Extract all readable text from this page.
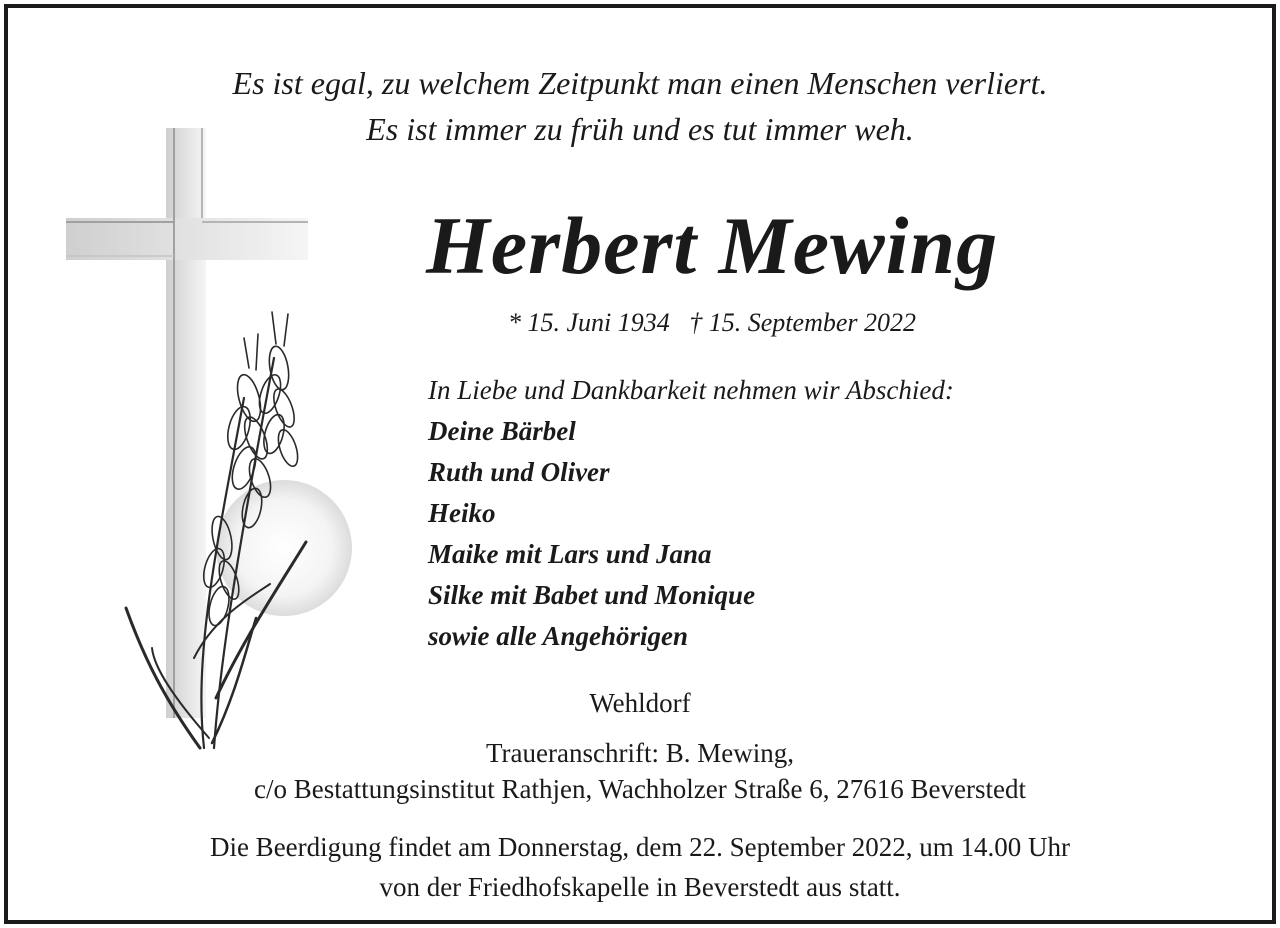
Es ist egal, zu welchem Zeitpunkt man einen Menschen verliert.
Es ist immer zu früh und es tut immer weh.
Herbert Mewing
* 15. Juni 1934 † 15. September 2022
In Liebe und Dankbarkeit nehmen wir Abschied:
Deine Bärbel
Ruth und Oliver
Heiko
Maike mit Lars und Jana
Silke mit Babet und Monique
sowie alle Angehörigen
Wehldorf
Traueranschrift: B. Mewing,
c/o Bestattungsinstitut Rathjen, Wachholzer Straße 6, 27616 Beverstedt
Die Beerdigung findet am Donnerstag, dem 22. September 2022, um 14.00 Uhr
von der Friedhofskapelle in Beverstedt aus statt.
